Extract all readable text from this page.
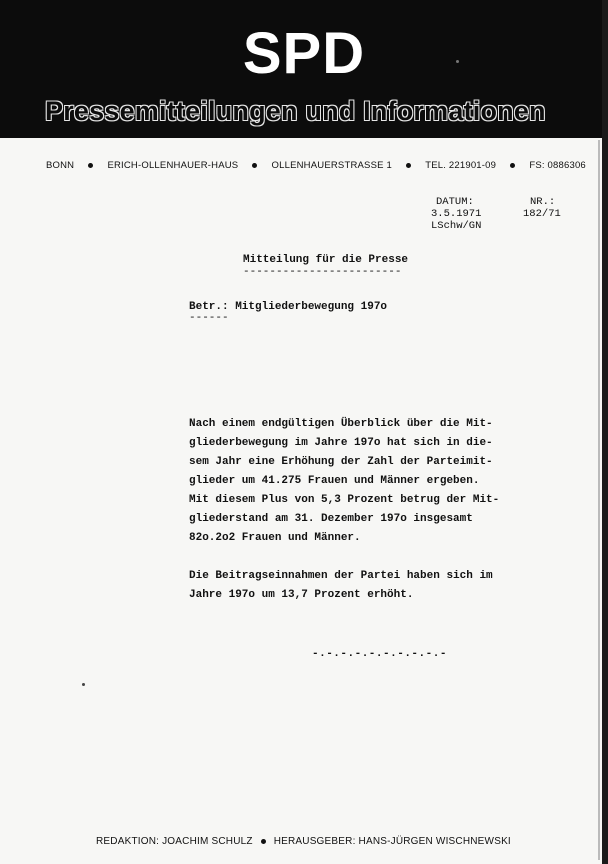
SPD
Pressemitteilungen und Informationen
BONN	ERICH-OLLENHAUER-HAUS	OLLENHAUERSTRASSE 1	TEL. 221901-09	FS: 0886306
DATUM:
3.5.1971
LSchw/GN
NR.:
182/71
Mitteilung für die Presse
------------------------
Betr.: Mitgliederbewegung 197o
------
Nach einem endgültigen Überblick über die Mit-
gliederbewegung im Jahre 197o hat sich in die-
sem Jahr eine Erhöhung der Zahl der Parteimit-
glieder um 41.275 Frauen und Männer ergeben.
Mit diesem Plus von 5,3 Prozent betrug der Mit-
gliederstand am 31. Dezember 197o insgesamt
82o.2o2 Frauen und Männer.
Die Beitragseinnahmen der Partei haben sich im
Jahre 197o um 13,7 Prozent erhöht.
-.-.-.-.-.-.-.-.-.-
REDAKTION: JOACHIM SCHULZ HERAUSGEBER: HANS-JÜRGEN WISCHNEWSKI
